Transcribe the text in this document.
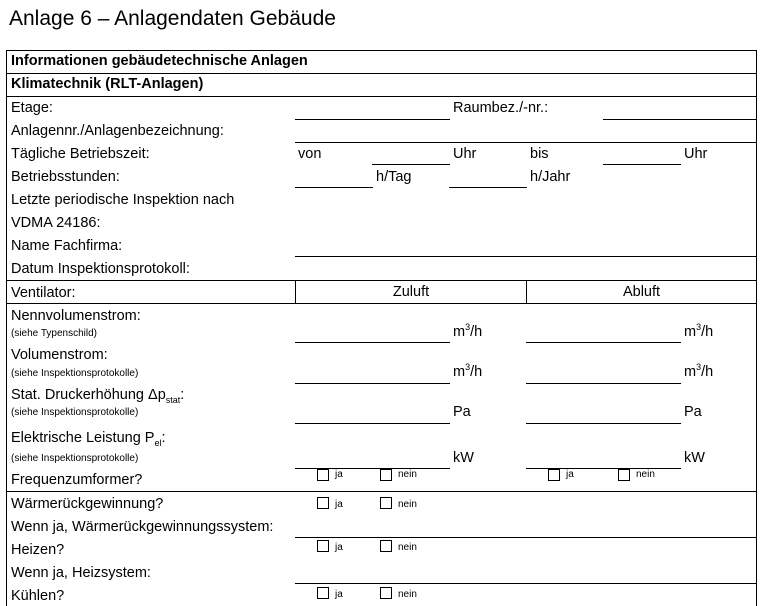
Anlage 6 – Anlagendaten Gebäude
Informationen gebäudetechnische Anlagen
Klimatechnik (RLT-Anlagen)
Etage:	Raumbez./-nr.:
Anlagennr./Anlagenbezeichnung:
Tägliche Betriebszeit:	von	Uhr	bis	Uhr
Betriebsstunden:	h/Tag	h/Jahr
Letzte periodische Inspektion nach
VDMA 24186:
Name Fachfirma:
Datum Inspektionsprotokoll:
Ventilator:	Zuluft	Abluft
Nennvolumenstrom:
(siehe Typenschild)	$m^3/h$	$m^3/h$
Volumenstrom:
(siehe Inspektionsprotokolle)	$m^3/h$	$m^3/h$
Stat. Druckerhöhung $\Delta p_{stat}$:
(siehe Inspektionsprotokolle)	Pa	Pa
Elektrische Leistung $P_{el}$:
(siehe Inspektionsprotokolle)	kW	kW
Frequenzumformer?	ja	nein	ja	nein
Wärmerückgewinnung?	ja	nein
Wenn ja, Wärmerückgewinnungssystem:
Heizen?	ja	nein
Wenn ja, Heizsystem:
Kühlen?	ja	nein
